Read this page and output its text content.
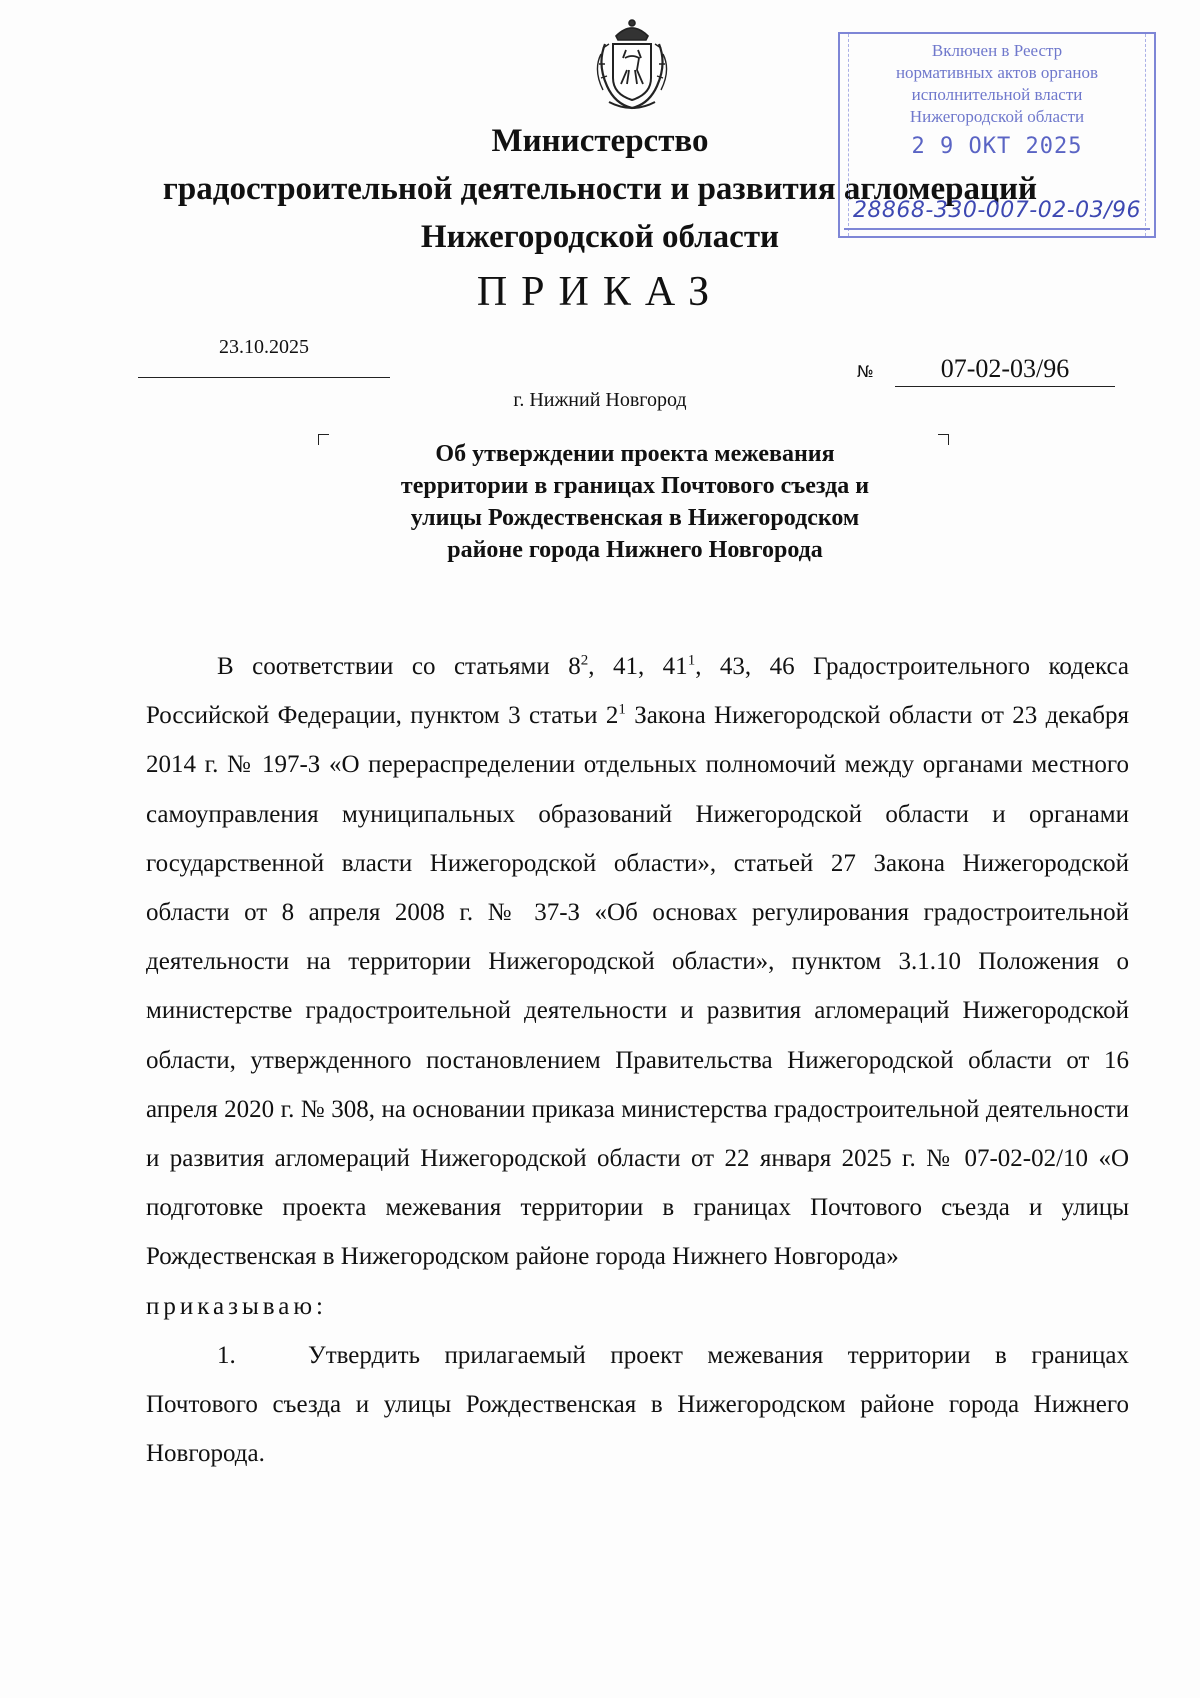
Министерство
градостроительной деятельности и развития агломераций
Нижегородской области
Включен в Реестр
нормативных актов органов
исполнительной власти
Нижегородской области
2 9 ОКТ 2025
28868-330-007-02-03/96
ПРИКАЗ
23.10.2025
№	07-02-03/96
г. Нижний Новгород
Об утверждении проекта межевания
территории в границах Почтового съезда и
улицы Рождественская в Нижегородском
районе города Нижнего Новгорода

В соответствии со статьями $8^2$, 41, $41^1$, 43, 46 Градостроительного кодекса Российской Федерации, пунктом 3 статьи $2^1$ Закона Нижегородской области от 23 декабря 2014 г. № 197-З «О перераспределении отдельных полномочий между органами местного самоуправления муниципальных образований Нижегородской области и органами государственной власти Нижегородской области», статьей 27 Закона Нижегородской области от 8 апреля 2008 г. № 37-З «Об основах регулирования градостроительной деятельности на территории Нижегородской области», пунктом 3.1.10 Положения о министерстве градостроительной деятельности и развития агломераций Нижегородской области, утвержденного постановлением Правительства Нижегородской области от 16 апреля 2020 г. № 308, на основании приказа министерства градостроительной деятельности и развития агломераций Нижегородской области от 22 января 2025 г. № 07-02-02/10 «О подготовке проекта межевания территории в границах Почтового съезда и улицы Рождественская в Нижегородском районе города Нижнего Новгорода»

приказываю:

1.	Утвердить прилагаемый проект межевания территории в границах Почтового съезда и улицы Рождественская в Нижегородском районе города Нижнего Новгорода.
